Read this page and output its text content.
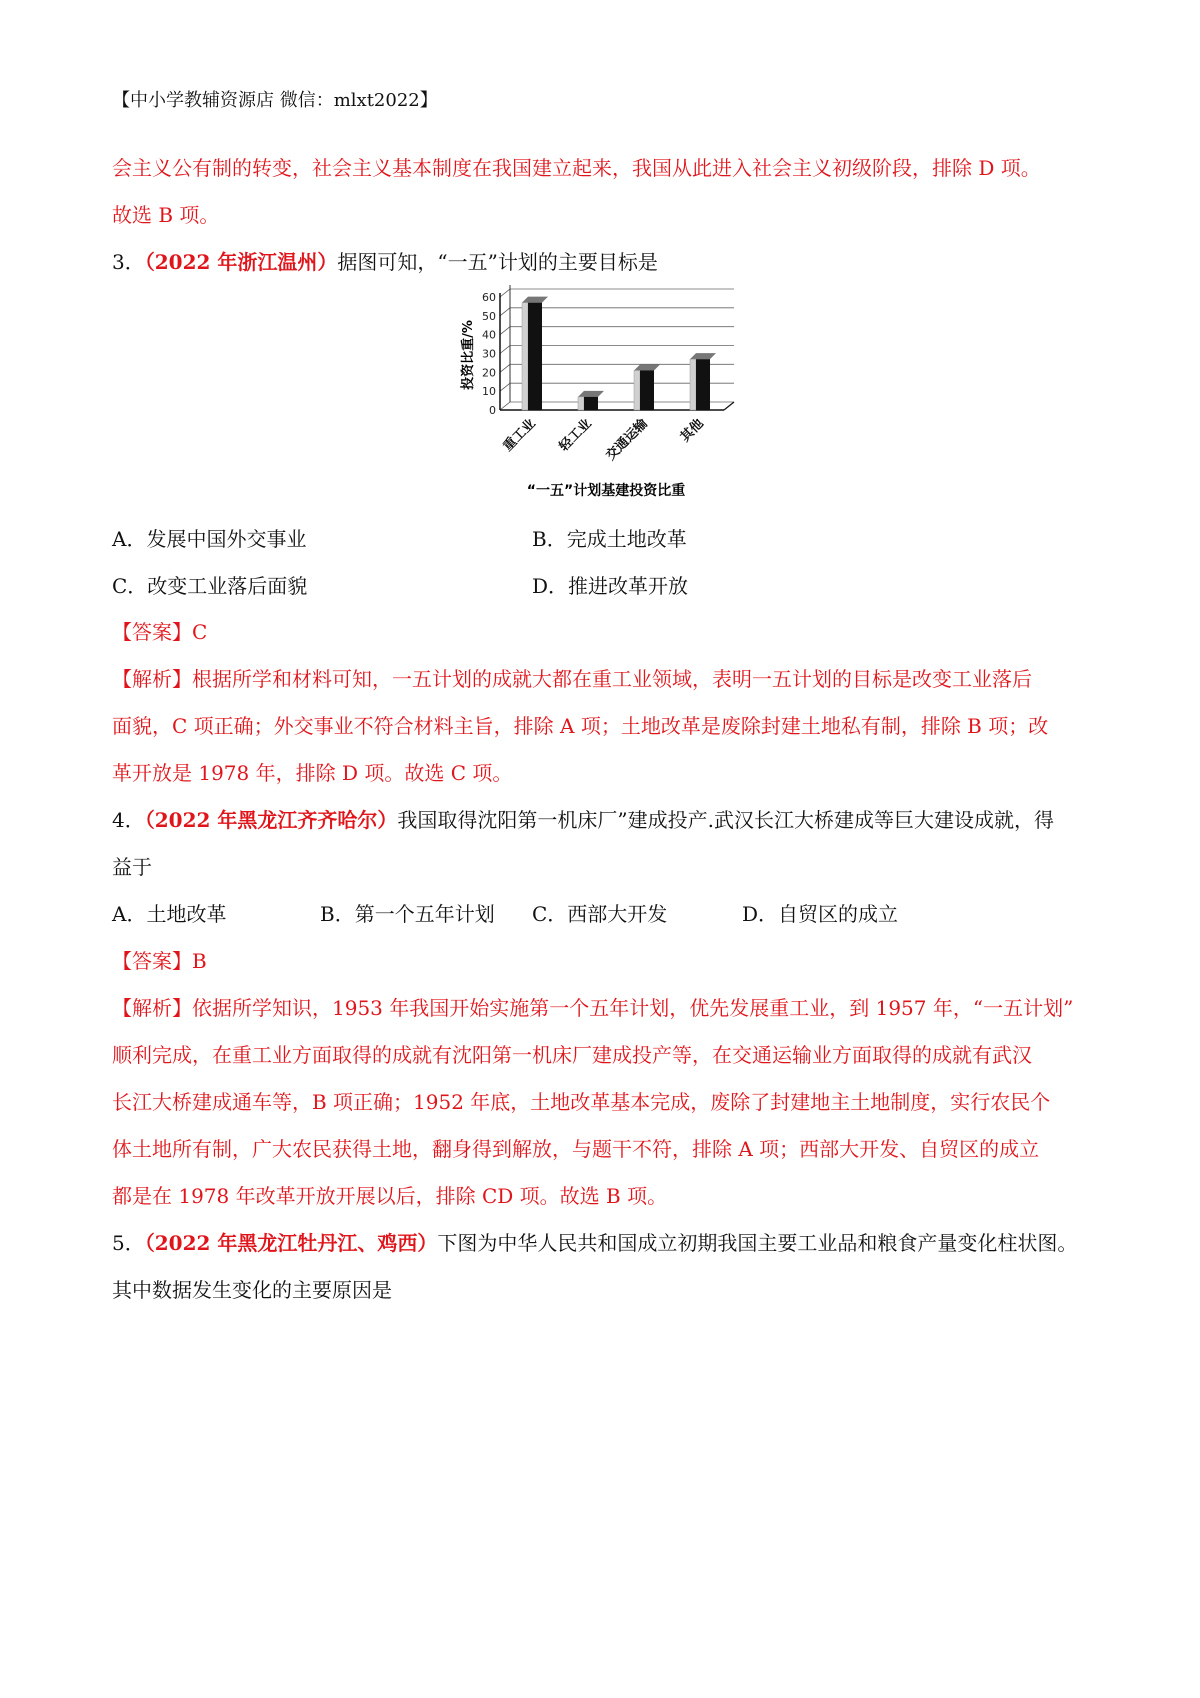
【中小学教辅资源店 微信：mlxt2022】
会主义公有制的转变，社会主义基本制度在我国建立起来，我国从此进入社会主义初级阶段，排除 D 项。
故选 B 项。
3．（2022 年浙江温州）据图可知，“一五”计划的主要目标是
0
10
20
30
40
50
60
重工业 轻工业 交通运输 其他
投资比重/%
“一五”计划基建投资比重
A．发展中国外交事业	B．完成土地改革
C．改变工业落后面貌	D．推进改革开放
【答案】C
【解析】根据所学和材料可知，一五计划的成就大都在重工业领域，表明一五计划的目标是改变工业落后
面貌，C 项正确；外交事业不符合材料主旨，排除 A 项；土地改革是废除封建土地私有制，排除 B 项；改
革开放是 1978 年，排除 D 项。故选 C 项。
4．（2022 年黑龙江齐齐哈尔）我国取得沈阳第一机床厂”建成投产.武汉长江大桥建成等巨大建设成就，得
益于
A．土地改革	B．第一个五年计划 C．西部大开发	D．自贸区的成立
【答案】B
【解析】依据所学知识，1953 年我国开始实施第一个五年计划，优先发展重工业，到 1957 年，“一五计划”
顺利完成，在重工业方面取得的成就有沈阳第一机床厂建成投产等，在交通运输业方面取得的成就有武汉
长江大桥建成通车等，B 项正确；1952 年底，土地改革基本完成，废除了封建地主土地制度，实行农民个
体土地所有制，广大农民获得土地，翻身得到解放，与题干不符，排除 A 项；西部大开发、自贸区的成立
都是在 1978 年改革开放开展以后，排除 CD 项。故选 B 项。
5．（2022 年黑龙江牡丹江、鸡西）下图为中华人民共和国成立初期我国主要工业品和粮食产量变化柱状图。
其中数据发生变化的主要原因是
